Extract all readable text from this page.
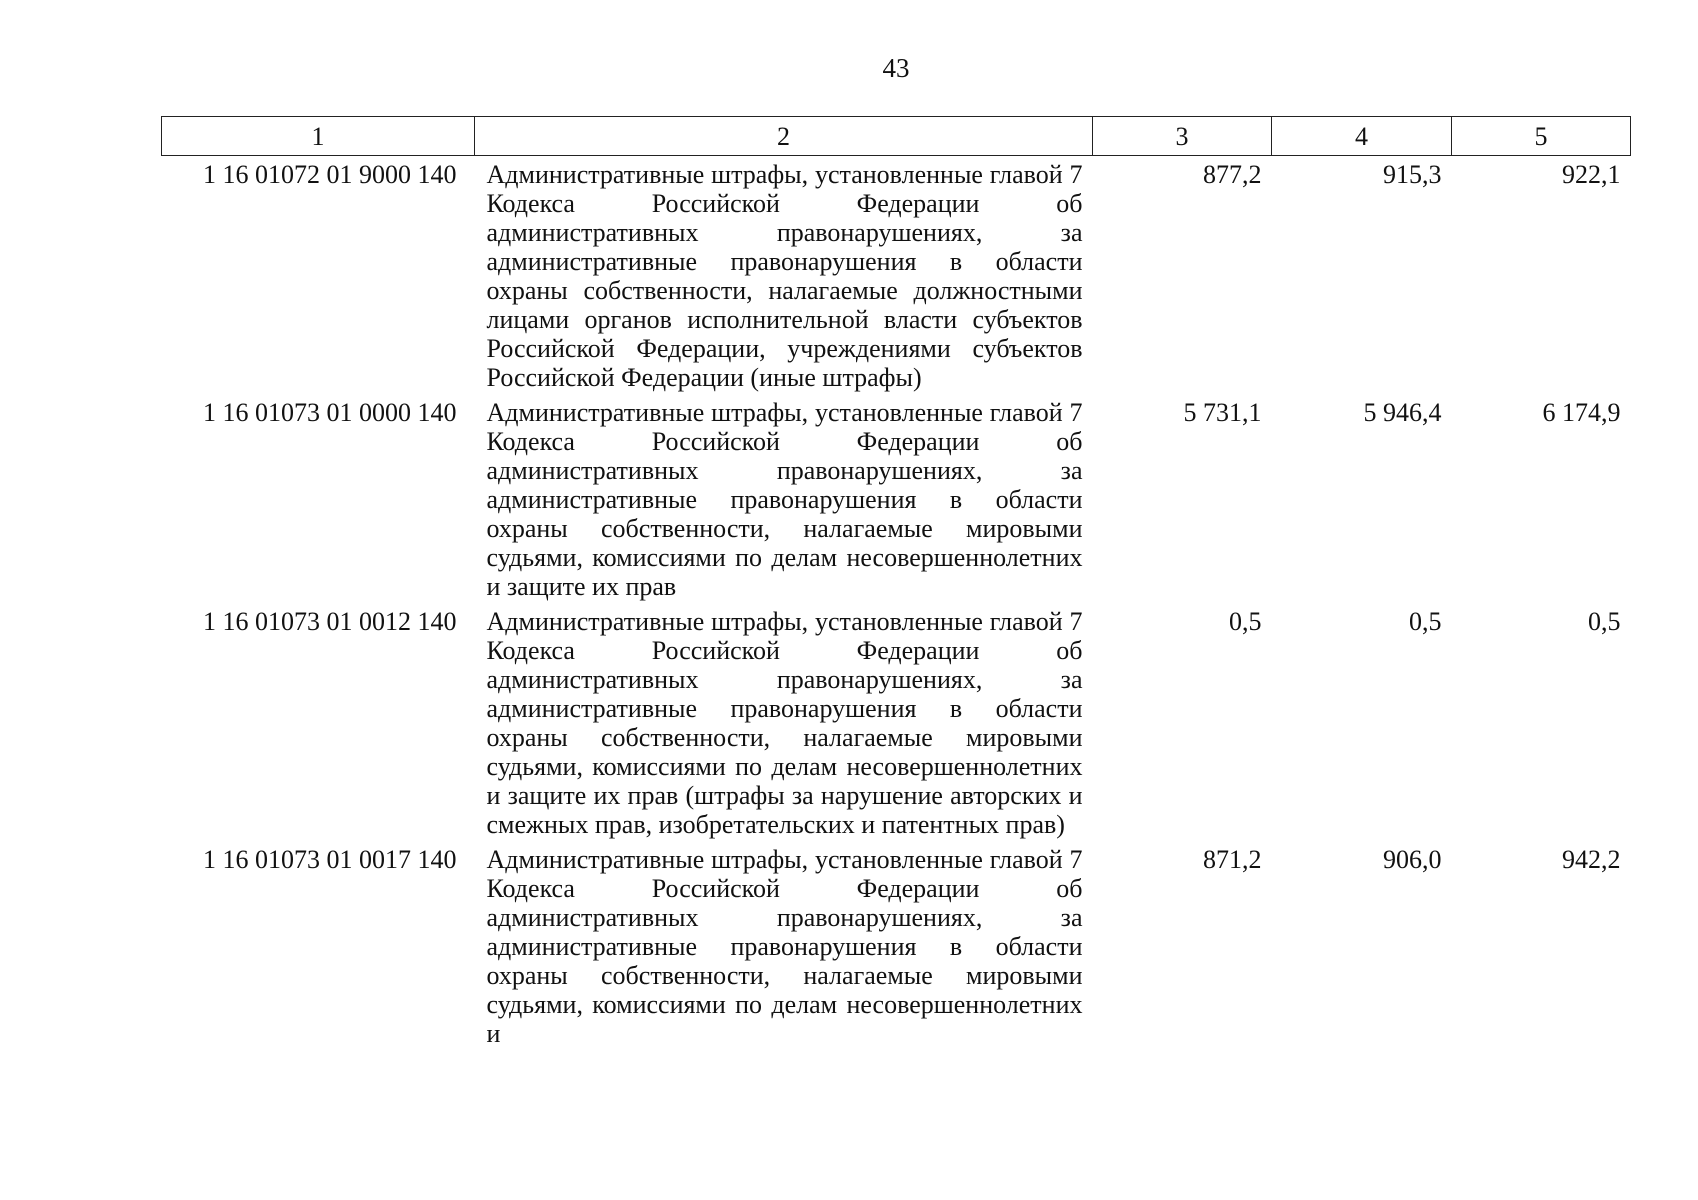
43
1	2	3	4	5
1 16 01072 01 9000 140	Административные штрафы, установленные главой 7 Кодекса Российской Федерации об административных правонарушениях, за административные правонарушения в области охраны собственности, налагаемые должностными лицами органов исполнительной власти субъектов Российской Федерации, учреждениями субъектов Российской Федерации (иные штрафы)	877,2	915,3	922,1
1 16 01073 01 0000 140	Административные штрафы, установленные главой 7 Кодекса Российской Федерации об административных правонарушениях, за административные правонарушения в области охраны собственности, налагаемые мировыми судьями, комиссиями по делам несовершеннолетних и защите их прав	5 731,1	5 946,4	6 174,9
1 16 01073 01 0012 140	Административные штрафы, установленные главой 7 Кодекса Российской Федерации об административных правонарушениях, за административные правонарушения в области охраны собственности, налагаемые мировыми судьями, комиссиями по делам несовершеннолетних и защите их прав (штрафы за нарушение авторских и смежных прав, изобретательских и патентных прав)	0,5	0,5	0,5
1 16 01073 01 0017 140	Административные штрафы, установленные главой 7 Кодекса Российской Федерации об административных правонарушениях, за административные правонарушения в области охраны собственности, налагаемые мировыми судьями, комиссиями по делам несовершеннолетних и	871,2	906,0	942,2
